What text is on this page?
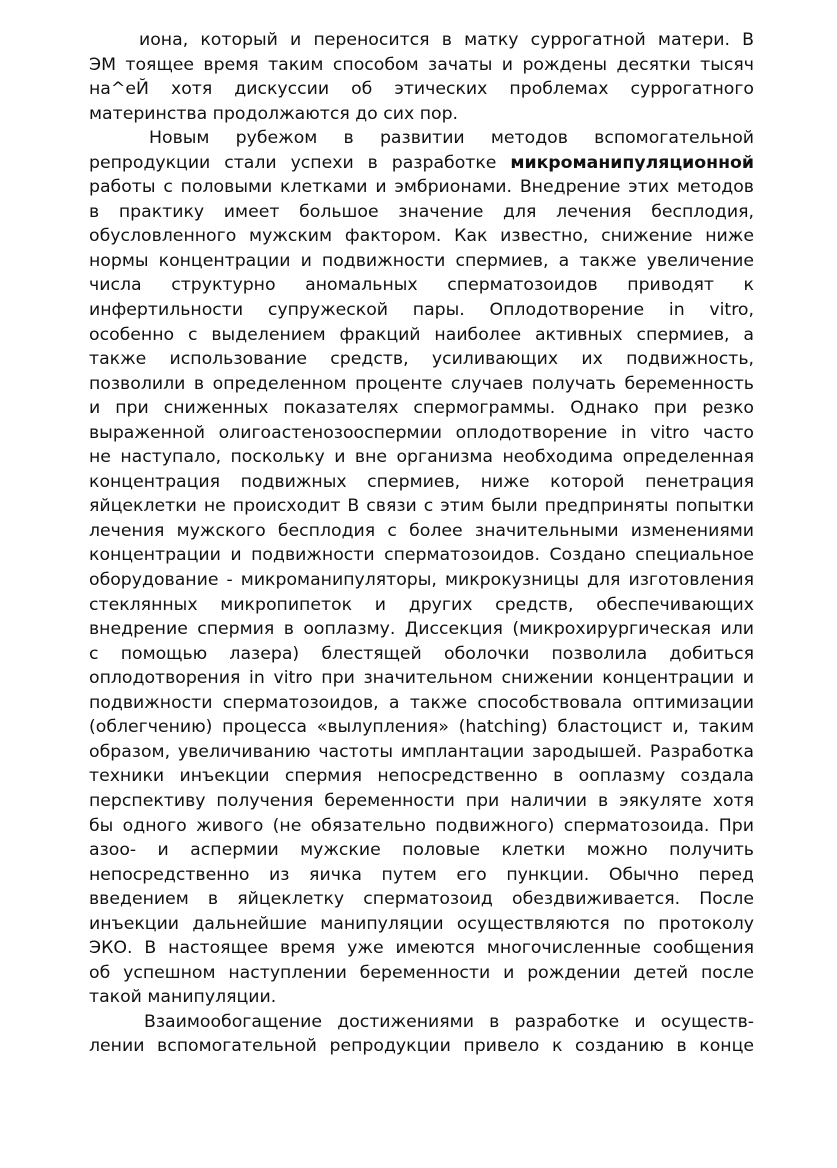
иона, который и переносится в матку суррогатной матери. В
ЭМ тоящее время таким способом зачаты и рождены десятки тысяч
на^еЙ хотя дискуссии об этических проблемах суррогатного
материнства продолжаются до сих пор.
Новым рубежом в развитии методов вспомогательной
репродукции стали успехи в разработке микроманипуляционной
работы с половыми клетками и эмбрионами. Внедрение этих методов
в практику имеет большое значение для лечения бесплодия,
обусловленного мужским фактором. Как известно, снижение ниже
нормы концентрации и подвижности спермиев, а также увеличение
числа структурно аномальных сперматозоидов приводят к
инфертильности супружеской пары. Оплодотворение in vitro,
особенно с выделением фракций наиболее активных спермиев, а
также использование средств, усиливающих их подвижность,
позволили в определенном проценте случаев получать беременность
и при сниженных показателях спермограммы. Однако при резко
выраженной олигоастенозооспермии оплодотворение in vitro часто
не наступало, поскольку и вне организма необходима определенная
концентрация подвижных спермиев, ниже которой пенетрация
яйцеклетки не происходит В связи с этим были предприняты попытки
лечения мужского бесплодия с более значительными изменениями
концентрации и подвижности сперматозоидов. Создано специальное
оборудование - микроманипуляторы, микрокузницы для изготовления
стеклянных микропипеток и других средств, обеспечивающих
внедрение спермия в ооплазму. Диссекция (микрохирургическая или
с помощью лазера) блестящей оболочки позволила добиться
оплодотворения in vitro при значительном снижении концентрации и
подвижности сперматозоидов, а также способствовала оптимизации
(облегчению) процесса «вылупления» (hatching) бластоцист и, таким
образом, увеличиванию частоты имплантации зародышей. Разработка
техники инъекции спермия непосредственно в ооплазму создала
перспективу получения беременности при наличии в эякуляте хотя
бы одного живого (не обязательно подвижного) сперматозоида. При
азоо- и аспермии мужские половые клетки можно получить
непосредственно из яичка путем его пункции. Обычно перед
введением в яйцеклетку сперматозоид обездвиживается. После
инъекции дальнейшие манипуляции осуществляются по протоколу
ЭКО. В настоящее время уже имеются многочисленные сообщения
об успешном наступлении беременности и рождении детей после
такой манипуляции.
Взаимообогащение достижениями в разработке и осуществ-
лении вспомогательной репродукции привело к созданию в конце
